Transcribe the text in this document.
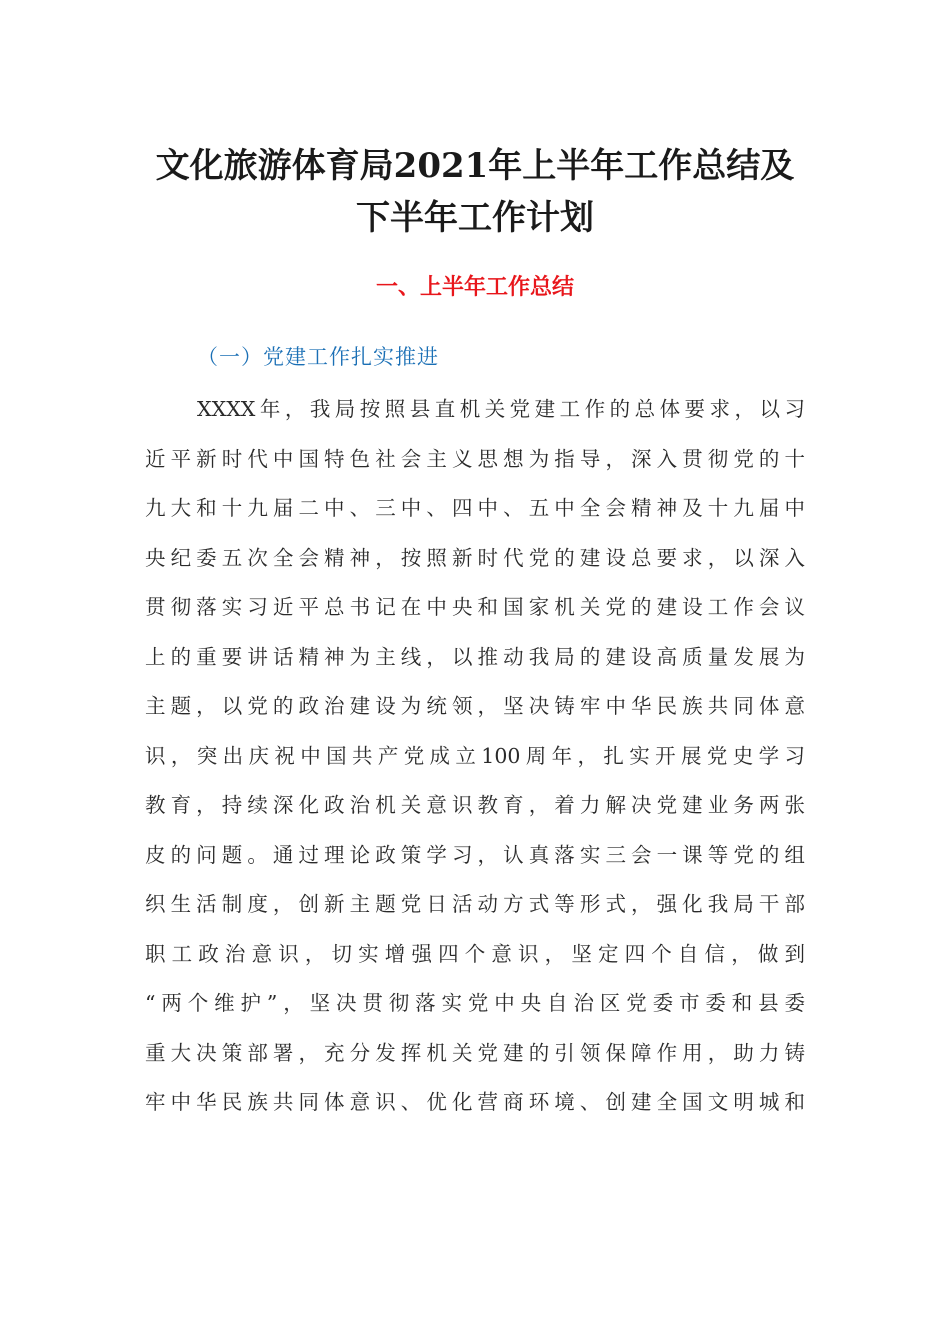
文化旅游体育局2021年上半年工作总结及
下半年工作计划
一、上半年工作总结
（一）党建工作扎实推进
XXXX年，我局按照县直机关党建工作的总体要求，以习
近平新时代中国特色社会主义思想为指导，深入贯彻党的十
九大和十九届二中、三中、四中、五中全会精神及十九届中
央纪委五次全会精神，按照新时代党的建设总要求，以深入
贯彻落实习近平总书记在中央和国家机关党的建设工作会议
上的重要讲话精神为主线，以推动我局的建设高质量发展为
主题，以党的政治建设为统领，坚决铸牢中华民族共同体意
识，突出庆祝中国共产党成立100周年，扎实开展党史学习
教育，持续深化政治机关意识教育，着力解决党建业务两张
皮的问题。通过理论政策学习，认真落实三会一课等党的组
织生活制度，创新主题党日活动方式等形式，强化我局干部
职工政治意识，切实增强四个意识，坚定四个自信，做到
“两个维护”，坚决贯彻落实党中央自治区党委市委和县委
重大决策部署，充分发挥机关党建的引领保障作用，助力铸
牢中华民族共同体意识、优化营商环境、创建全国文明城和
